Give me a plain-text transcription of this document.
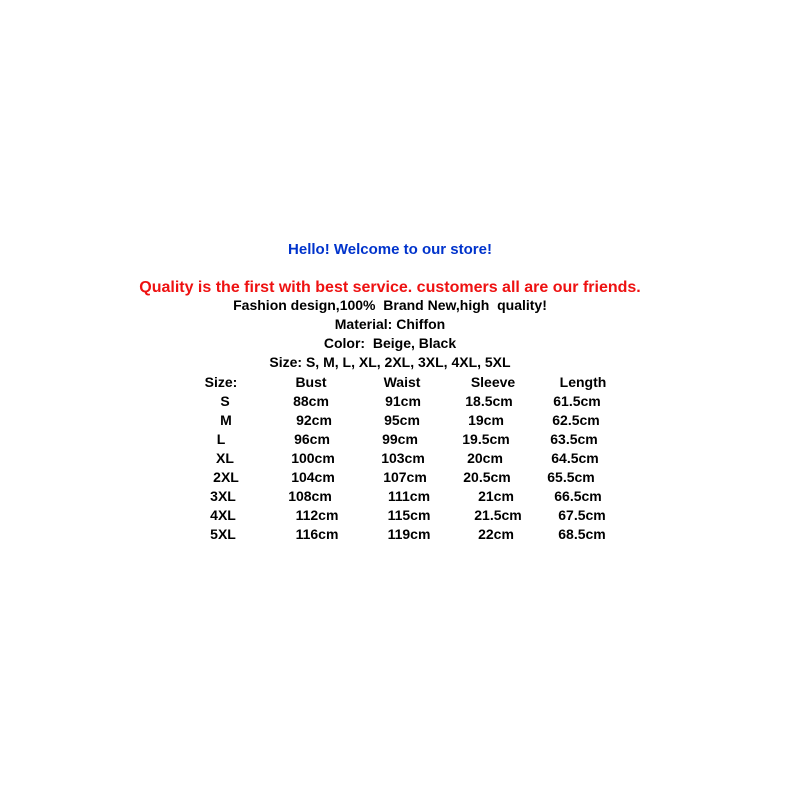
Hello! Welcome to our store!
Quality is the first with best service. customers all are our friends.
Fashion design,100%  Brand New,high  quality!
Material: Chiffon
Color:  Beige, Black
Size: S, M, L, XL, 2XL, 3XL, 4XL, 5XL
Size:	Bust	Waist	Sleeve	Length
S	88cm	91cm	18.5cm	61.5cm
M	92cm	95cm	19cm	62.5cm
L	96cm	99cm	19.5cm	63.5cm
XL	100cm	103cm	20cm	64.5cm
2XL	104cm	107cm	20.5cm	65.5cm
3XL	108cm	111cm	21cm	66.5cm
4XL	112cm	115cm	21.5cm	67.5cm
5XL	116cm	119cm	22cm	68.5cm
